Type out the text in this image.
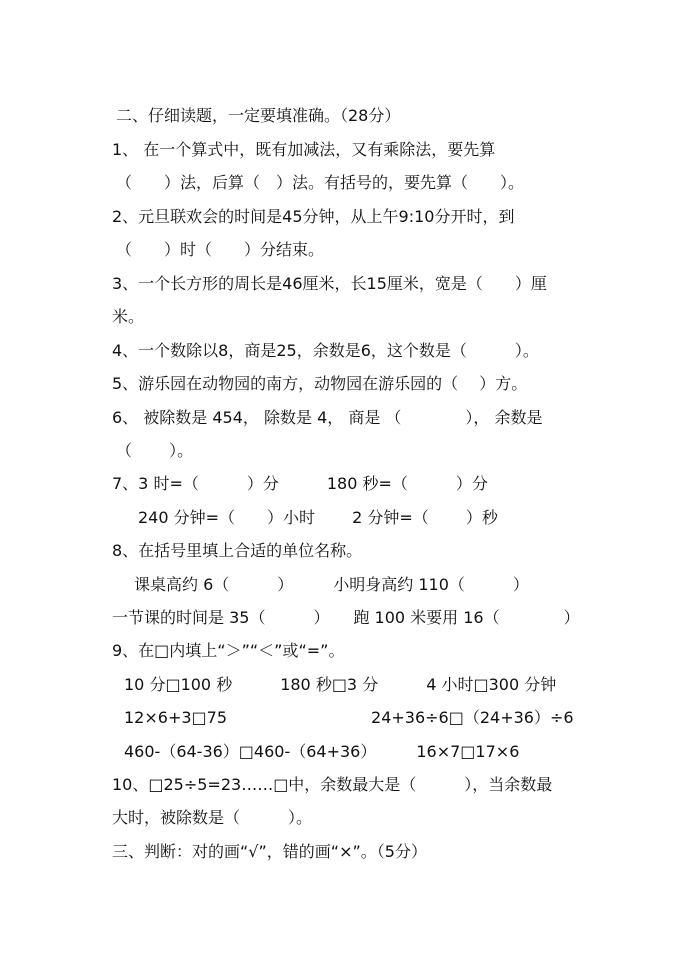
二、仔细读题，一定要填准确。（28分）
1、 在一个算式中，既有加减法，又有乘除法，要先算
（　　）法，后算（　）法。有括号的，要先算（　　）。
2、元旦联欢会的时间是45分钟，从上午9:10分开时，到
（　　）时（　　）分结束。
3、一个长方形的周长是46厘米，长15厘米，宽是（　　）厘
米。
4、一个数除以8，商是25，余数是6，这个数是（　　　）。
5、游乐园在动物园的南方，动物园在游乐园的（　 ）方。
6、 被除数是 454， 除数是 4， 商是 （　　　　）， 余数是
（　　 ）。
7、3 时=（　　　）分　　　180 秒=（　　　）分
　240 分钟=（　　）小时　　 2 分钟=（　　 ）秒
8、在括号里填上合适的单位名称。
　课桌高约 6（　　　）　　　小明身高约 110（　　　）
一节课的时间是 35（　　　）　　跑 100 米要用 16（　　　　）
9、在□内填上“＞”“＜”或“=”。
　10 分□100 秒　　　180 秒□3 分　　　4 小时□300 分钟
　12×6+3□75　　　　　　　　　24+36÷6□（24+36）÷6
　460-（64-36）□460-（64+36）　　　16×7□17×6
10、□25÷5=23……□中，余数最大是（　　　），当余数最
大时，被除数是（　　　）。
三、判断：对的画“√”，错的画“×”。（5分）
